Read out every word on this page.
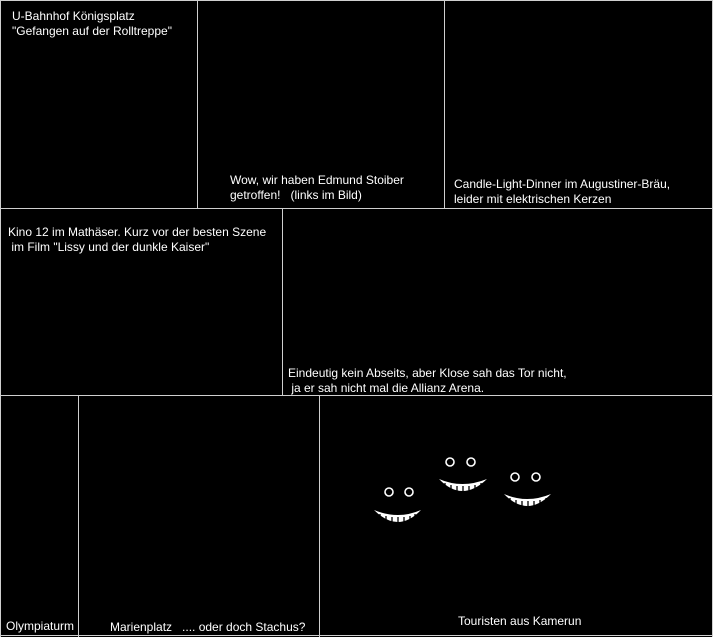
U-Bahnhof Königsplatz
"Gefangen auf der Rolltreppe"
Wow, wir haben Edmund Stoiber
getroffen!   (links im Bild)
Candle-Light-Dinner im Augustiner-Bräu,
leider mit elektrischen Kerzen
Kino 12 im Mathäser. Kurz vor der besten Szene
im Film "Lissy und der dunkle Kaiser"
Eindeutig kein Abseits, aber Klose sah das Tor nicht,
ja er sah nicht mal die Allianz Arena.
Olympiaturm	Marienplatz   .... oder doch Stachus?	Touristen aus Kamerun
